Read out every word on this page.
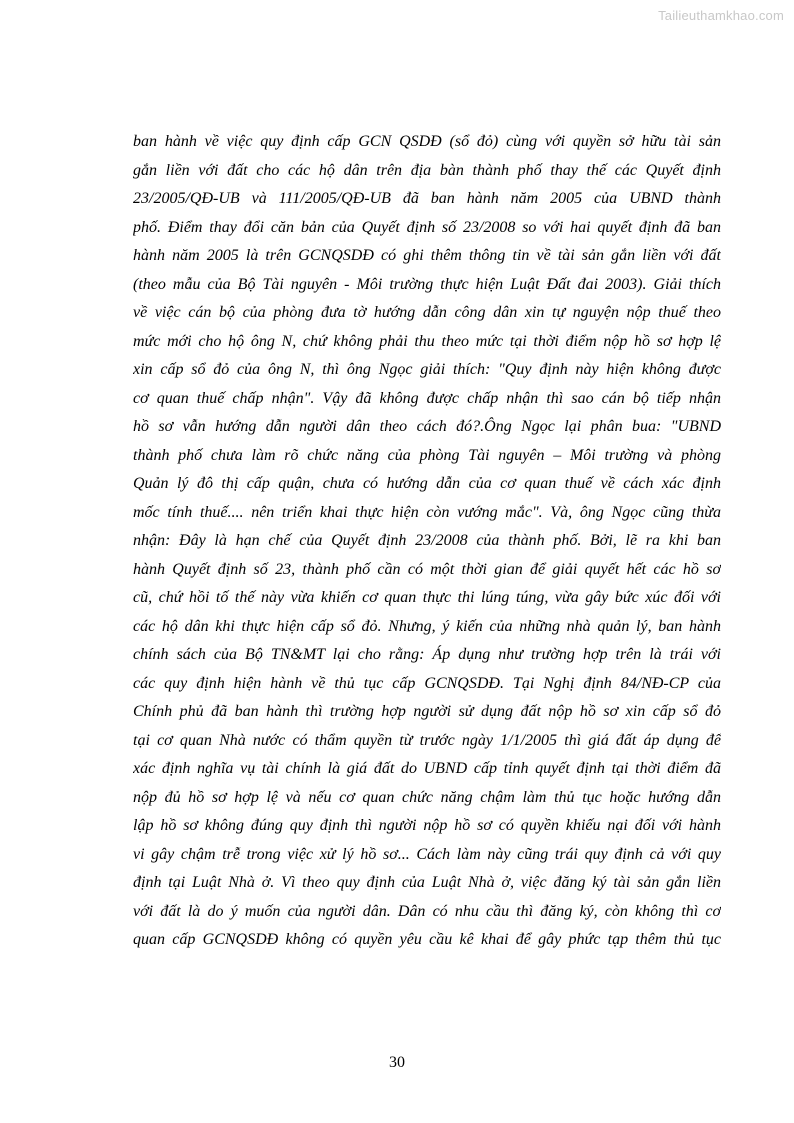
Tailieuthamkhao.com
ban hành về việc quy định cấp GCN QSDĐ (sổ đỏ) cùng với quyền sở hữu tài sản
gắn liền với đất cho các hộ dân trên địa bàn thành phố thay thế các Quyết định
23/2005/QĐ-UB và 111/2005/QĐ-UB đã ban hành năm 2005 của UBND thành
phố. Điểm thay đổi căn bản của Quyết định số 23/2008 so với hai quyết định đã ban
hành năm 2005 là trên GCNQSDĐ có ghi thêm thông tin về tài sản gắn liền với đất
(theo mẫu của Bộ Tài nguyên - Môi trường thực hiện Luật Đất đai 2003). Giải thích
về việc cán bộ của phòng đưa tờ hướng dẫn công dân xin tự nguyện nộp thuế theo
mức mới cho hộ ông N, chứ không phải thu theo mức tại thời điểm nộp hồ sơ hợp lệ
xin cấp sổ đỏ của ông N, thì ông Ngọc giải thích: "Quy định này hiện không được
cơ quan thuế chấp nhận". Vậy đã không được chấp nhận thì sao cán bộ tiếp nhận
hồ sơ vẫn hướng dẫn người dân theo cách đó?.Ông Ngọc lại phân bua: "UBND
thành phố chưa làm rõ chức năng của phòng Tài nguyên – Môi trường và phòng
Quản lý đô thị cấp quận, chưa có hướng dẫn của cơ quan thuế về cách xác định
mốc tính thuế.... nên triển khai thực hiện còn vướng mắc". Và, ông Ngọc cũng thừa
nhận: Đây là hạn chế của Quyết định 23/2008 của thành phố. Bởi, lẽ ra khi ban
hành Quyết định số 23, thành phố cần có một thời gian để giải quyết hết các hồ sơ
cũ, chứ hồi tố thế này vừa khiến cơ quan thực thi lúng túng, vừa gây bức xúc đối với
các hộ dân khi thực hiện cấp sổ đỏ. Nhưng, ý kiến của những nhà quản lý, ban hành
chính sách của Bộ TN&MT lại cho rằng: Áp dụng như trường hợp trên là trái với
các quy định hiện hành về thủ tục cấp GCNQSDĐ. Tại Nghị định 84/NĐ-CP của
Chính phủ đã ban hành thì trường hợp người sử dụng đất nộp hồ sơ xin cấp sổ đỏ
tại cơ quan Nhà nước có thẩm quyền từ trước ngày 1/1/2005 thì giá đất áp dụng để
xác định nghĩa vụ tài chính là giá đất do UBND cấp tỉnh quyết định tại thời điểm đã
nộp đủ hồ sơ hợp lệ và nếu cơ quan chức năng chậm làm thủ tục hoặc hướng dẫn
lập hồ sơ không đúng quy định thì người nộp hồ sơ có quyền khiếu nại đối với hành
vi gây chậm trễ trong việc xử lý hồ sơ... Cách làm này cũng trái quy định cả với quy
định tại Luật Nhà ở. Vì theo quy định của Luật Nhà ở, việc đăng ký tài sản gắn liền
với đất là do ý muốn của người dân. Dân có nhu cầu thì đăng ký, còn không thì cơ
quan cấp GCNQSDĐ không có quyền yêu cầu kê khai để gây phức tạp thêm thủ tục
30
